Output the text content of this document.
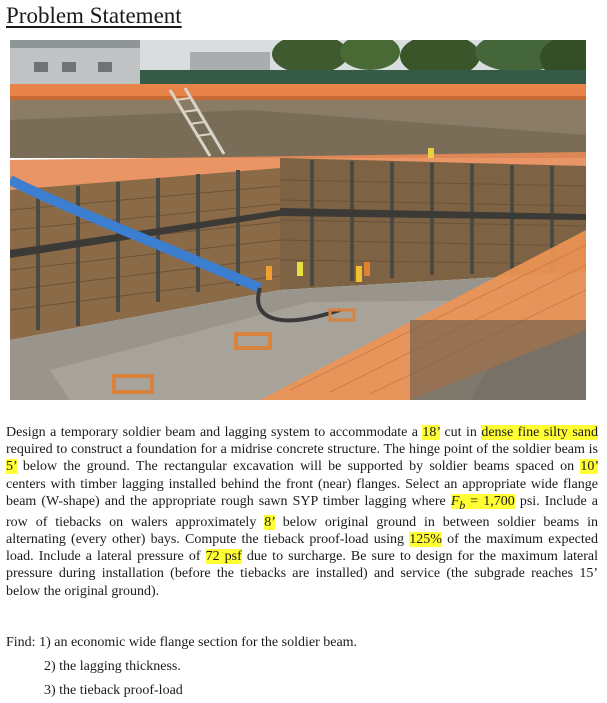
Problem Statement
Design a temporary soldier beam and lagging system to accommodate a 18’ cut in dense fine silty sand required to construct a foundation for a midrise concrete structure. The hinge point of the soldier beam is 5’ below the ground. The rectangular excavation will be supported by soldier beams spaced on 10’ centers with timber lagging installed behind the front (near) flanges. Select an appropriate wide flange beam (W-shape) and the appropriate rough sawn SYP timber lagging where $F_b = 1,700$ psi. Include a row of tiebacks on walers approximately 8’ below original ground in between soldier beams in alternating (every other) bays. Compute the tieback proof-load using 125% of the maximum expected load. Include a lateral pressure of 72 psf due to surcharge. Be sure to design for the maximum lateral pressure during installation (before the tiebacks are installed) and service (the subgrade reaches 15’ below the original ground).
Find: 1) an economic wide flange section for the soldier beam.
2) the lagging thickness.
3) the tieback proof-load
